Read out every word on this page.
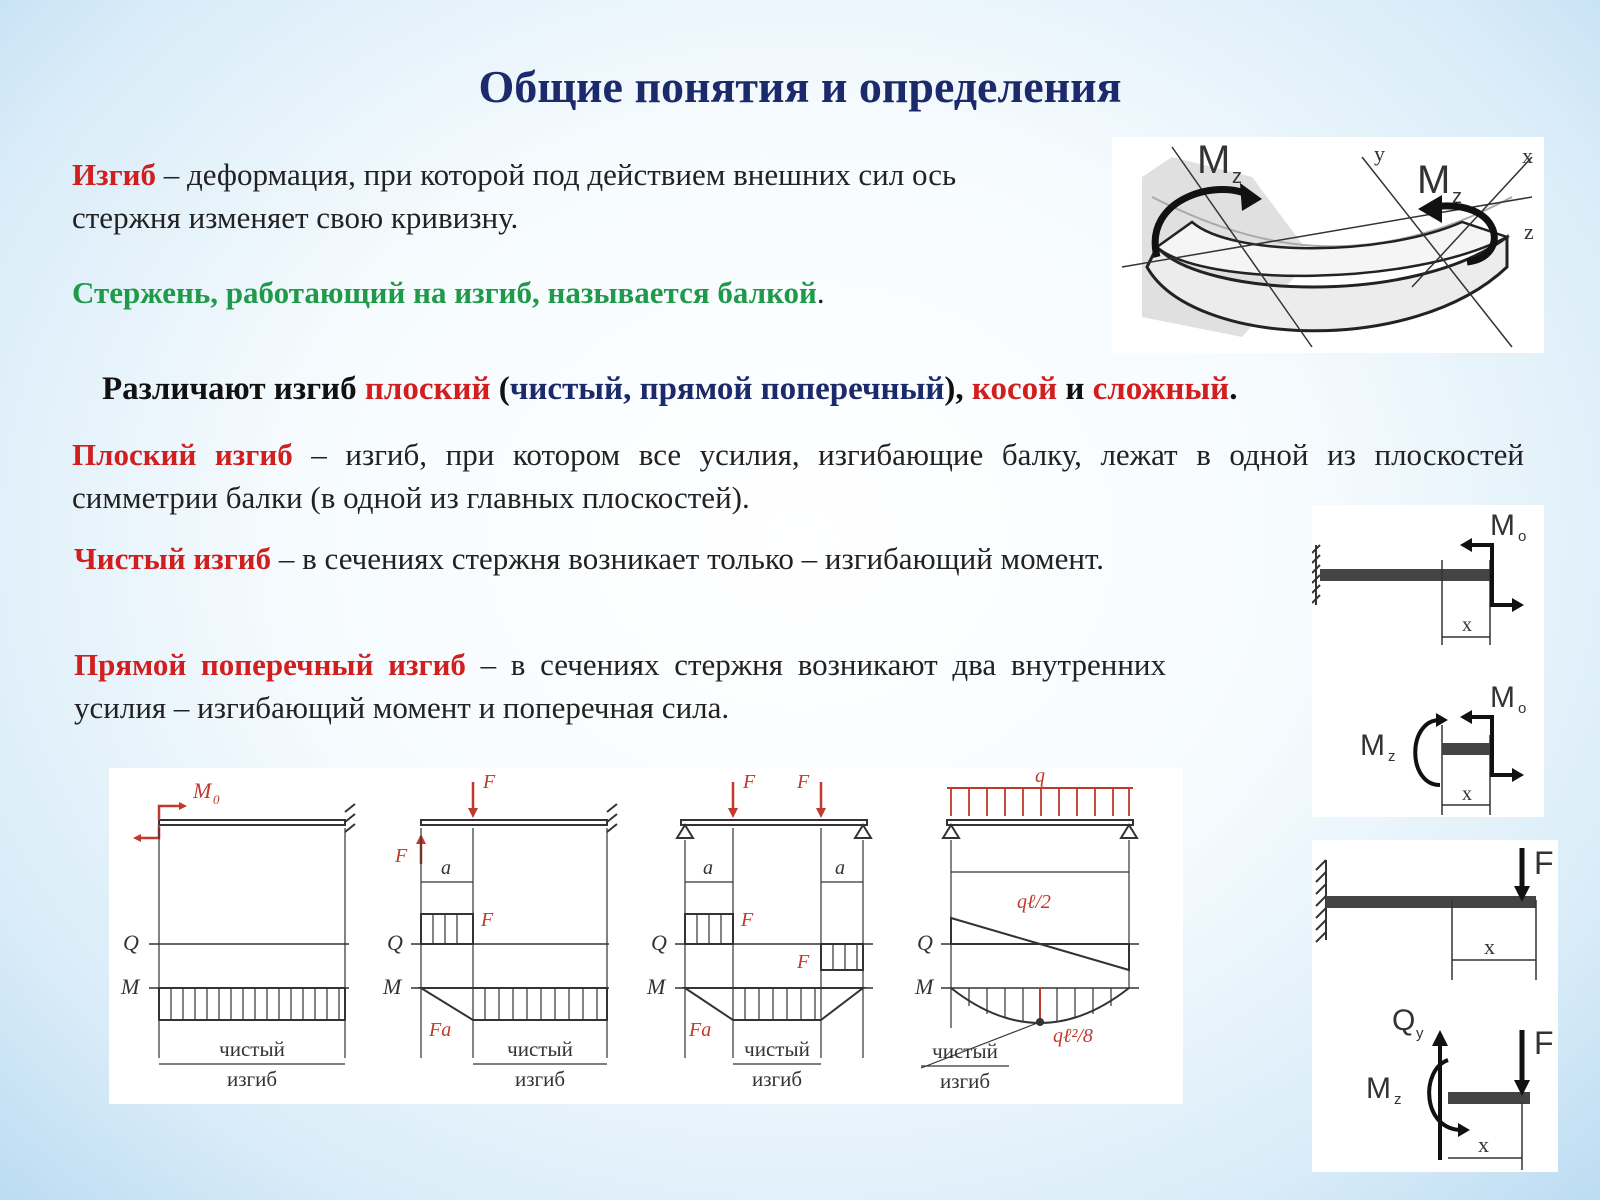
Общие понятия и определения
Изгиб – деформация, при которой под действием внешних сил ось стержня изменяет свою кривизну.
Стержень, работающий на изгиб, называется балкой.
Различают изгиб плоский (чистый, прямой поперечный), косой и сложный.
Плоский изгиб – изгиб, при котором все усилия, изгибающие балку, лежат в одной из плоскостей симметрии балки (в одной из главных плоскостей).
Чистый изгиб – в сечениях стержня возникает только – изгибающий момент.
Прямой поперечный изгиб – в сечениях стержня возникают два внутренних усилия – изгибающий момент и поперечная сила.
M z	M z
y	x
z
x
M o
M z
x
M o
F
x
Q y
M z
F
x
M 0
Q
M
чистый
изгиб
F
F
a
Q
F
M
Fa
чистый
изгиб
F F
a	a
Q
F
F
M
Fa
чистый
изгиб
q
Q
qℓ/2
M
qℓ²/8
чистый
изгиб
